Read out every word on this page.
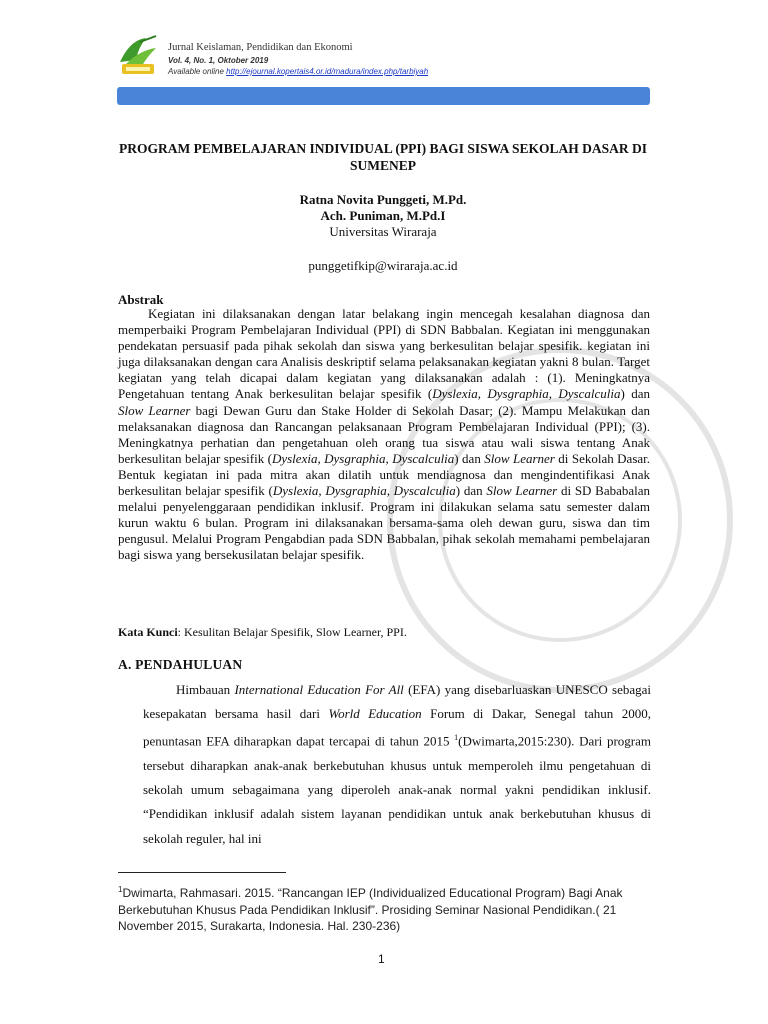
Jurnal Keislaman, Pendidikan dan Ekonomi
Vol. 4, No. 1, Oktober 2019
Available online http://ejournal.kopertais4.or.id/madura/index.php/tarbiyah
PROGRAM PEMBELAJARAN INDIVIDUAL (PPI) BAGI SISWA SEKOLAH DASAR DI SUMENEP
Ratna Novita Punggeti, M.Pd.
Ach. Puniman, M.Pd.I
Universitas Wiraraja
punggetifkip@wiraraja.ac.id
Abstrak
Kegiatan ini dilaksanakan dengan latar belakang ingin mencegah kesalahan diagnosa dan memperbaiki Program Pembelajaran Individual (PPI) di SDN Babbalan. Kegiatan ini menggunakan pendekatan persuasif pada pihak sekolah dan siswa yang berkesulitan belajar spesifik. kegiatan ini juga dilaksanakan dengan cara Analisis deskriptif selama pelaksanakan kegiatan yakni 8 bulan. Target kegiatan yang telah dicapai dalam kegiatan yang dilaksanakan adalah : (1). Meningkatnya Pengetahuan tentang Anak berkesulitan belajar spesifik (Dyslexia, Dysgraphia, Dyscalculia) dan Slow Learner bagi Dewan Guru dan Stake Holder di Sekolah Dasar; (2). Mampu Melakukan dan melaksanakan diagnosa dan Rancangan pelaksanaan Program Pembelajaran Individual (PPI); (3). Meningkatnya perhatian dan pengetahuan oleh orang tua siswa atau wali siswa tentang Anak berkesulitan belajar spesifik (Dyslexia, Dysgraphia, Dyscalculia) dan Slow Learner di Sekolah Dasar. Bentuk kegiatan ini pada mitra akan dilatih untuk mendiagnosa dan mengindentifikasi Anak berkesulitan belajar spesifik (Dyslexia, Dysgraphia, Dyscalculia) dan Slow Learner di SD Bababalan melalui penyelenggaraan pendidikan inklusif. Program ini dilakukan selama satu semester dalam kurun waktu 6 bulan. Program ini dilaksanakan bersama-sama oleh dewan guru, siswa dan tim pengusul. Melalui Program Pengabdian pada SDN Babbalan, pihak sekolah memahami pembelajaran bagi siswa yang bersekusilatan belajar spesifik.
Kata Kunci: Kesulitan Belajar Spesifik, Slow Learner, PPI.
A. PENDAHULUAN
Himbauan International Education For All (EFA) yang disebarluaskan UNESCO sebagai kesepakatan bersama hasil dari World Education Forum di Dakar, Senegal tahun 2000, penuntasan EFA diharapkan dapat tercapai di tahun 2015 $^1$(Dwimarta,2015:230). Dari program tersebut diharapkan anak-anak berkebutuhan khusus untuk memperoleh ilmu pengetahuan di sekolah umum sebagaimana yang diperoleh anak-anak normal yakni pendidikan inklusif. “Pendidikan inklusif adalah sistem layanan pendidikan untuk anak berkebutuhan khusus di sekolah reguler, hal ini
$^1$Dwimarta, Rahmasari. 2015. “Rancangan IEP (Individualized Educational Program) Bagi Anak Berkebutuhan Khusus Pada Pendidikan Inklusif”. Prosiding Seminar Nasional Pendidikan.( 21 November 2015, Surakarta, Indonesia. Hal. 230-236)
1
